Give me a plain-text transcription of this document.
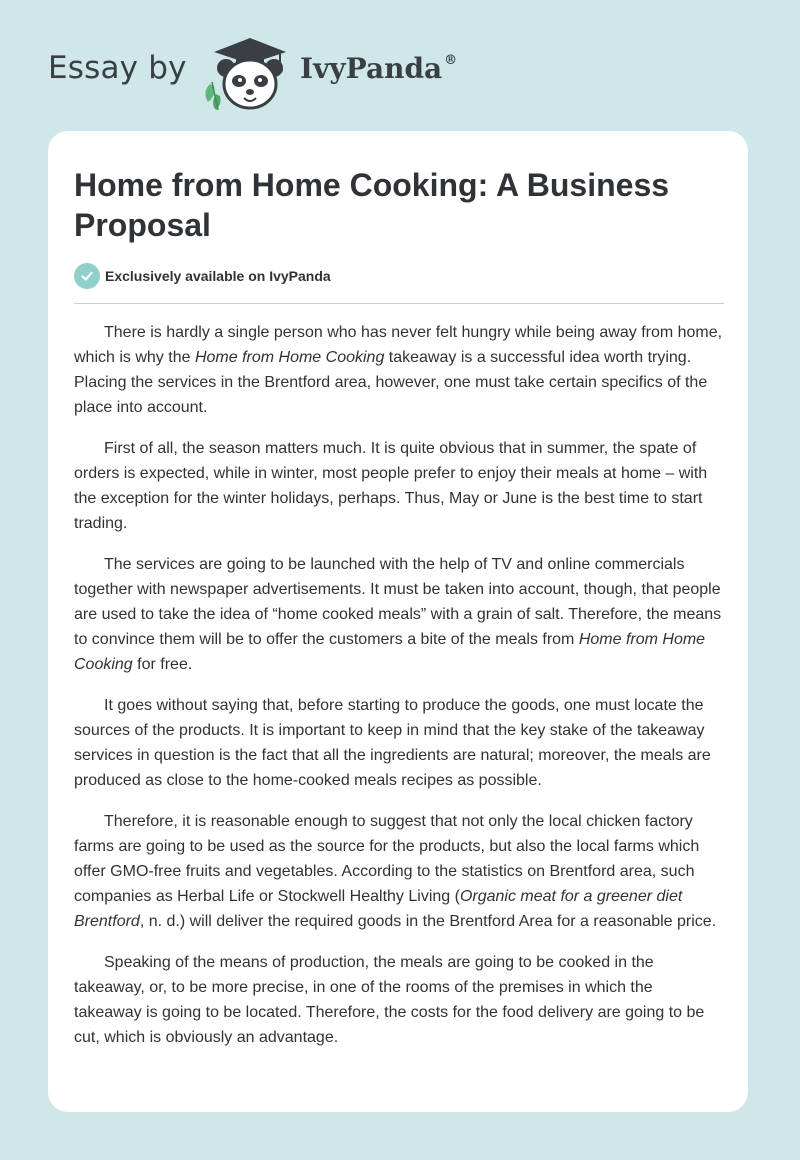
Essay by	IvyPanda ®
Home from Home Cooking: A Business Proposal
Exclusively available on IvyPanda

There is hardly a single person who has never felt hungry while being away from home, which is why the Home from Home Cooking takeaway is a successful idea worth trying. Placing the services in the Brentford area, however, one must take certain specifics of the place into account.

First of all, the season matters much. It is quite obvious that in summer, the spate of orders is expected, while in winter, most people prefer to enjoy their meals at home – with the exception for the winter holidays, perhaps. Thus, May or June is the best time to start trading.

The services are going to be launched with the help of TV and online commercials together with newspaper advertisements. It must be taken into account, though, that people are used to take the idea of “home cooked meals” with a grain of salt. Therefore, the means to convince them will be to offer the customers a bite of the meals from Home from Home Cooking for free.

It goes without saying that, before starting to produce the goods, one must locate the sources of the products. It is important to keep in mind that the key stake of the takeaway services in question is the fact that all the ingredients are natural; moreover, the meals are produced as close to the home-cooked meals recipes as possible.

Therefore, it is reasonable enough to suggest that not only the local chicken factory farms are going to be used as the source for the products, but also the local farms which offer GMO-free fruits and vegetables. According to the statistics on Brentford area, such companies as Herbal Life or Stockwell Healthy Living (Organic meat for a greener diet Brentford, n. d.) will deliver the required goods in the Brentford Area for a reasonable price.

Speaking of the means of production, the meals are going to be cooked in the takeaway, or, to be more precise, in one of the rooms of the premises in which the takeaway is going to be located. Therefore, the costs for the food delivery are going to be cut, which is obviously an advantage.
